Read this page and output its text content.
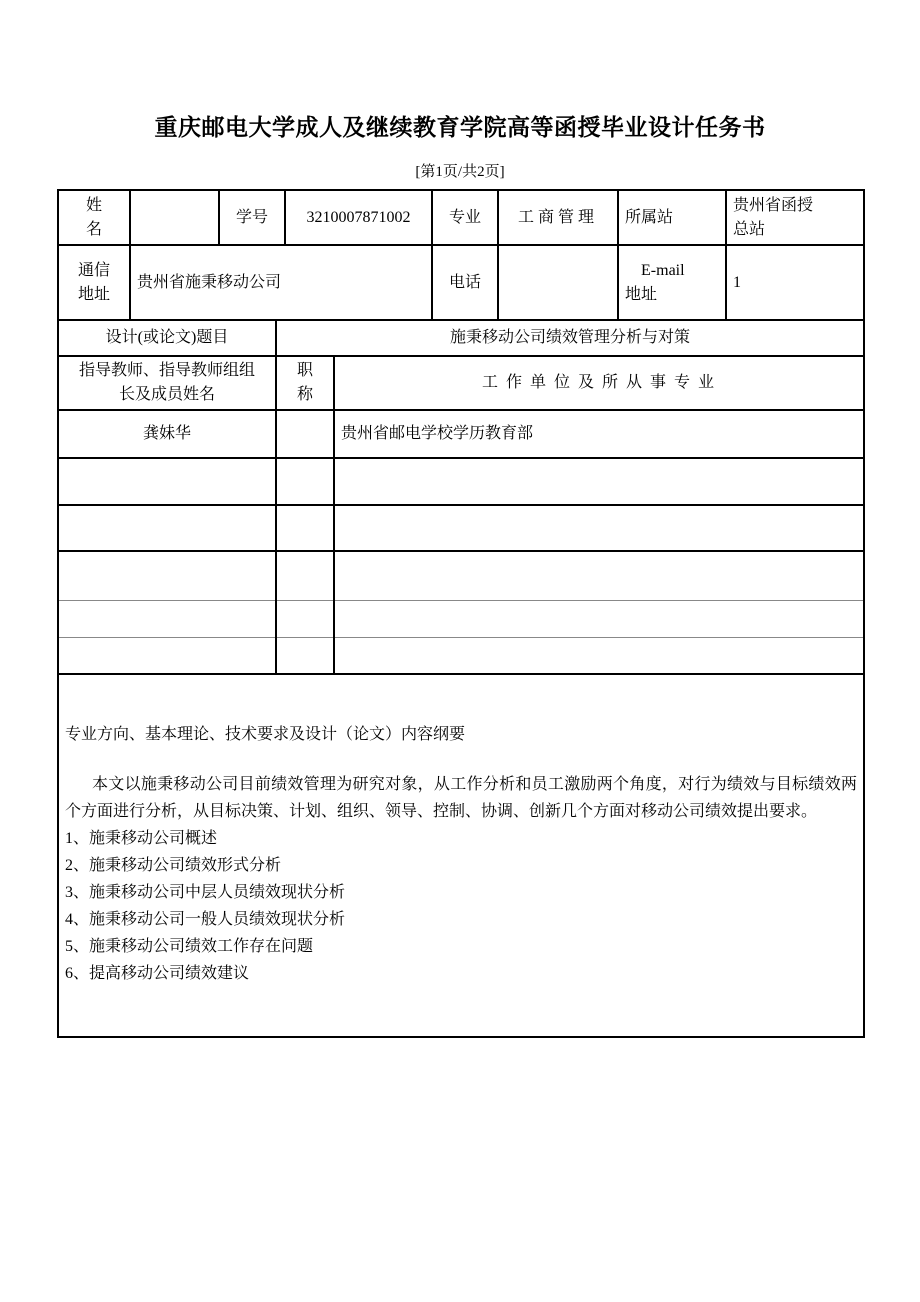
重庆邮电大学成人及继续教育学院高等函授毕业设计任务书
[第1页/共2页]
姓名		学号		3210007871002		专业	工商管理	所属站	贵州省函授总站
通信地址	贵州省施秉移动公司					电话		E-mail地址	1
设计(或论文)题目			施秉移动公司绩效管理分析与对策						
指导教师、指导教师组组长及成员姓名			职称		工 作 单 位 及 所 从 事 专 业				
龚妹华					贵州省邮电学校学历教育部				

专业方向、基本理论、技术要求及设计（论文）内容纲要

本文以施秉移动公司目前绩效管理为研究对象，从工作分析和员工激励两个角度，对行为绩效与目标绩效两个方面进行分析，从目标决策、计划、组织、领导、控制、协调、创新几个方面对移动公司绩效提出要求。

1、施秉移动公司概述
2、施秉移动公司绩效形式分析
3、施秉移动公司中层人员绩效现状分析
4、施秉移动公司一般人员绩效现状分析
5、施秉移动公司绩效工作存在问题
6、提高移动公司绩效建议
